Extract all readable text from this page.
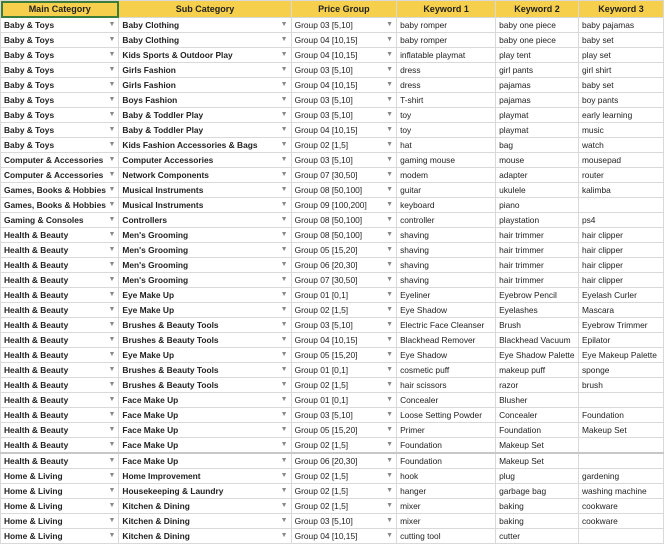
Main Category	Sub Category	Price Group	Keyword 1	Keyword 2	Keyword 3
Baby & Toys ▼	Baby Clothing ▼	Group 03 [5,10] ▼	baby romper	baby one piece	baby pajamas
Baby & Toys ▼	Baby Clothing ▼	Group 04 [10,15] ▼	baby romper	baby one piece	baby set
Baby & Toys ▼	Kids Sports & Outdoor Play ▼	Group 04 [10,15] ▼	inflatable playmat	play tent	play set
Baby & Toys ▼	Girls Fashion ▼	Group 03 [5,10] ▼	dress	girl pants	girl shirt
Baby & Toys ▼	Girls Fashion ▼	Group 04 [10,15] ▼	dress	pajamas	baby set
Baby & Toys ▼	Boys Fashion ▼	Group 03 [5,10] ▼	T-shirt	pajamas	boy pants
Baby & Toys ▼	Baby & Toddler Play ▼	Group 03 [5,10] ▼	toy	playmat	early learning
Baby & Toys ▼	Baby & Toddler Play ▼	Group 04 [10,15] ▼	toy	playmat	music
Baby & Toys ▼	Kids Fashion Accessories & Bags ▼	Group 02 [1,5] ▼	hat	bag	watch
Computer & Accessories ▼	Computer Accessories ▼	Group 03 [5,10] ▼	gaming mouse	mouse	mousepad
Computer & Accessories ▼	Network Components ▼	Group 07 [30,50] ▼	modem	adapter	router
Games, Books & Hobbies ▼	Musical Instruments ▼	Group 08 [50,100] ▼	guitar	ukulele	kalimba
Games, Books & Hobbies ▼	Musical Instruments ▼	Group 09 [100,200] ▼	keyboard	piano	
Gaming & Consoles ▼	Controllers ▼	Group 08 [50,100] ▼	controller	playstation	ps4
Health & Beauty ▼	Men's Grooming ▼	Group 08 [50,100] ▼	shaving	hair trimmer	hair clipper
Health & Beauty ▼	Men's Grooming ▼	Group 05 [15,20] ▼	shaving	hair trimmer	hair clipper
Health & Beauty ▼	Men's Grooming ▼	Group 06 [20,30] ▼	shaving	hair trimmer	hair clipper
Health & Beauty ▼	Men's Grooming ▼	Group 07 [30,50] ▼	shaving	hair trimmer	hair clipper
Health & Beauty ▼	Eye Make Up ▼	Group 01 [0,1] ▼	Eyeliner	Eyebrow Pencil	Eyelash Curler
Health & Beauty ▼	Eye Make Up ▼	Group 02 [1,5] ▼	Eye Shadow	Eyelashes	Mascara
Health & Beauty ▼	Brushes & Beauty Tools ▼	Group 03 [5,10] ▼	Electric Face Cleanser	Brush	Eyebrow Trimmer
Health & Beauty ▼	Brushes & Beauty Tools ▼	Group 04 [10,15] ▼	Blackhead Remover	Blackhead Vacuum	Epilator
Health & Beauty ▼	Eye Make Up ▼	Group 05 [15,20] ▼	Eye Shadow	Eye Shadow Palette	Eye Makeup Palette
Health & Beauty ▼	Brushes & Beauty Tools ▼	Group 01 [0,1] ▼	cosmetic puff	makeup puff	sponge
Health & Beauty ▼	Brushes & Beauty Tools ▼	Group 02 [1,5] ▼	hair scissors	razor	brush
Health & Beauty ▼	Face Make Up ▼	Group 01 [0,1] ▼	Concealer	Blusher	
Health & Beauty ▼	Face Make Up ▼	Group 03 [5,10] ▼	Loose Setting Powder	Concealer	Foundation
Health & Beauty ▼	Face Make Up ▼	Group 05 [15,20] ▼	Primer	Foundation	Makeup Set
Health & Beauty ▼	Face Make Up ▼	Group 02 [1,5] ▼	Foundation	Makeup Set	
Health & Beauty ▼	Face Make Up ▼	Group 06 [20,30] ▼	Foundation	Makeup Set	
Home & Living ▼	Home Improvement ▼	Group 02 [1,5] ▼	hook	plug	gardening
Home & Living ▼	Housekeeping & Laundry ▼	Group 02 [1,5] ▼	hanger	garbage bag	washing machine
Home & Living ▼	Kitchen & Dining ▼	Group 02 [1,5] ▼	mixer	baking	cookware
Home & Living ▼	Kitchen & Dining ▼	Group 03 [5,10] ▼	mixer	baking	cookware
Home & Living ▼	Kitchen & Dining ▼	Group 04 [10,15] ▼	cutting tool	cutter	
